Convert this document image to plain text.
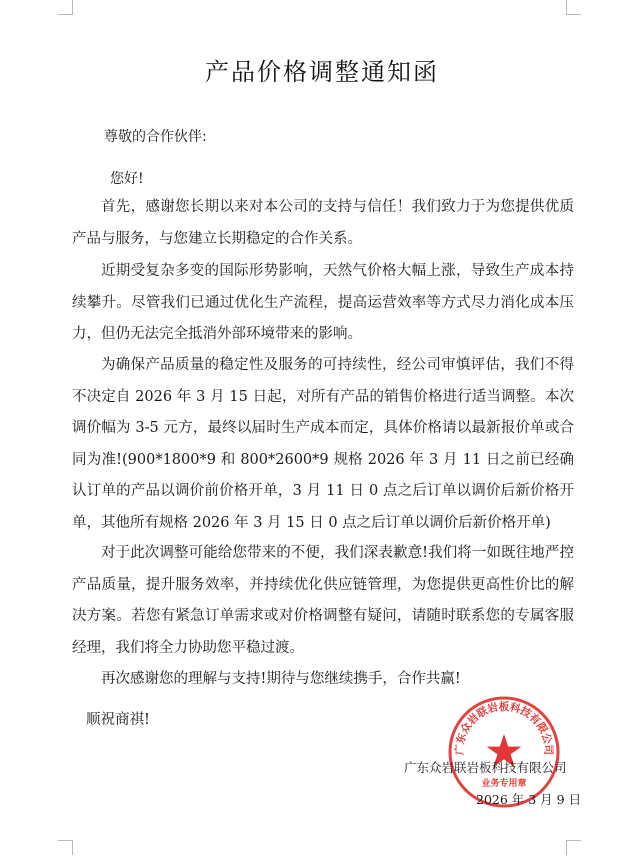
产品价格调整通知函
尊敬的合作伙伴:
您好!

首先，感谢您长期以来对本公司的支持与信任！我们致力于为您提供优质产品与服务，与您建立长期稳定的合作关系。

近期受复杂多变的国际形势影响，天然气价格大幅上涨，导致生产成本持续攀升。尽管我们已通过优化生产流程，提高运营效率等方式尽力消化成本压力，但仍无法完全抵消外部环境带来的影响。

为确保产品质量的稳定性及服务的可持续性，经公司审慎评估，我们不得不决定自 2026 年 3 月 15 日起，对所有产品的销售价格进行适当调整。本次调价幅为 3-5 元方，最终以届时生产成本而定，具体价格请以最新报价单或合同为准!(900*1800*9 和 800*2600*9 规格 2026 年 3 月 11 日之前已经确认订单的产品以调价前价格开单，3 月 11 日 0 点之后订单以调价后新价格开单，其他所有规格 2026 年 3 月 15 日 0 点之后订单以调价后新价格开单)

对于此次调整可能给您带来的不便，我们深表歉意!我们将一如既往地严控产品质量，提升服务效率，并持续优化供应链管理，为您提供更高性价比的解决方案。若您有紧急订单需求或对价格调整有疑问，请随时联系您的专属客服经理，我们将全力协助您平稳过渡。

再次感谢您的理解与支持!期待与您继续携手，合作共赢!

顺祝商祺!
广东众岩联岩板科技有限公司
业务专用章
广东众岩联岩板科技有限公司
2026 年 3 月 9 日
